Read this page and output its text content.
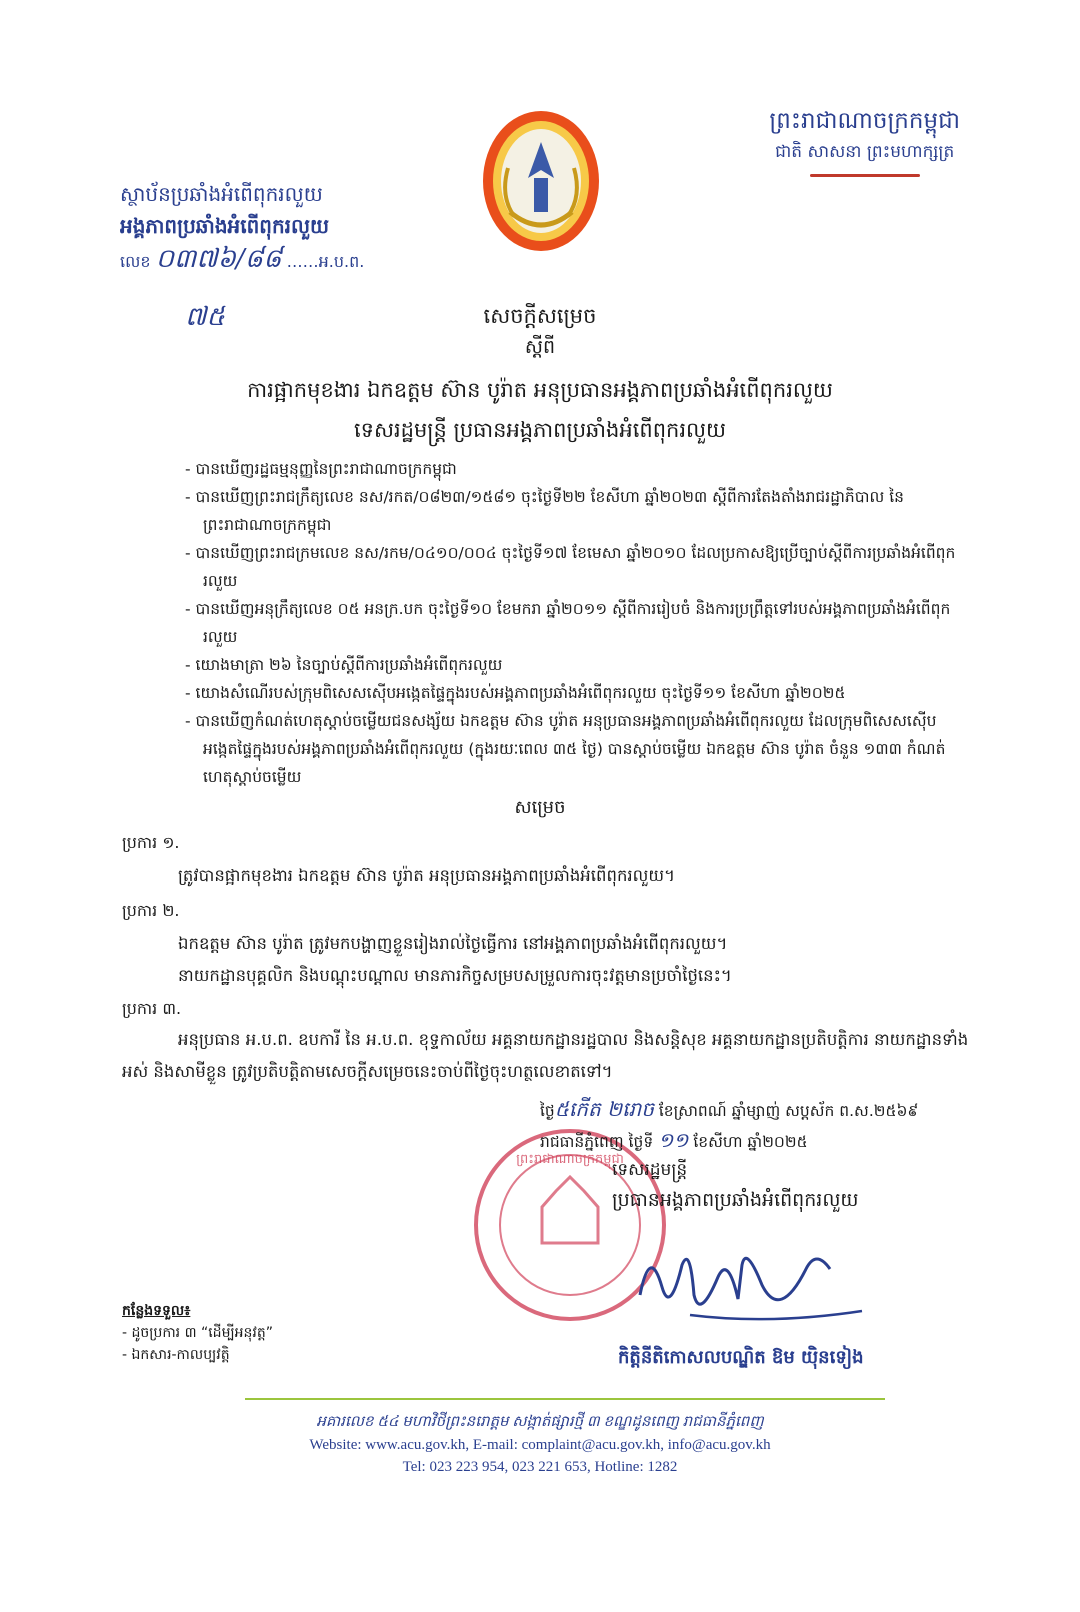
ព្រះរាជាណាចក្រកម្ពុជា
ជាតិ សាសនា ព្រះមហាក្សត្រ
ស្ថាប័នប្រឆាំងអំពើពុករលួយ
អង្គភាពប្រឆាំងអំពើពុករលួយ
លេខ ០៣៧៦/៨៨ ……អ.ប.ព.
៧៥	សេចក្តីសម្រេច
ស្តីពី
ការផ្អាកមុខងារ ឯកឧត្តម ស៊ាន បូរ៉ាត អនុប្រធានអង្គភាពប្រឆាំងអំពើពុករលួយ
ទេសរដ្ឋមន្ត្រី ប្រធានអង្គភាពប្រឆាំងអំពើពុករលួយ
- បានឃើញរដ្ឋធម្មនុញ្ញនៃព្រះរាជាណាចក្រកម្ពុជា
- បានឃើញព្រះរាជក្រឹត្យលេខ នស/រកត/០៨២៣/១៥៨១ ចុះថ្ងៃទី២២ ខែសីហា ឆ្នាំ២០២៣ ស្តីពីការតែងតាំងរាជរដ្ឋាភិបាល នៃព្រះរាជាណាចក្រកម្ពុជា
- បានឃើញព្រះរាជក្រមលេខ នស/រកម/០៤១០/០០៤ ចុះថ្ងៃទី១៧ ខែមេសា ឆ្នាំ២០១០ ដែលប្រកាសឱ្យប្រើច្បាប់ស្តីពីការប្រឆាំងអំពើពុករលួយ
- បានឃើញអនុក្រឹត្យលេខ ០៥ អនក្រ.បក ចុះថ្ងៃទី១០ ខែមករា ឆ្នាំ២០១១ ស្តីពីការរៀបចំ និងការប្រព្រឹត្តទៅរបស់អង្គភាពប្រឆាំងអំពើពុករលួយ
- យោងមាត្រា ២៦ នៃច្បាប់ស្តីពីការប្រឆាំងអំពើពុករលួយ
- យោងសំណើរបស់ក្រុមពិសេសស៊ើបអង្កេតផ្ទៃក្នុងរបស់អង្គភាពប្រឆាំងអំពើពុករលួយ ចុះថ្ងៃទី១១ ខែសីហា ឆ្នាំ២០២៥
- បានឃើញកំណត់ហេតុស្តាប់ចម្លើយជនសង្ស័យ ឯកឧត្តម ស៊ាន បូរ៉ាត អនុប្រធានអង្គភាពប្រឆាំងអំពើពុករលួយ ដែលក្រុមពិសេសស៊ើបអង្កេតផ្ទៃក្នុងរបស់អង្គភាពប្រឆាំងអំពើពុករលួយ (ក្នុងរយៈពេល ៣៥ ថ្ងៃ) បានស្តាប់ចម្លើយ ឯកឧត្តម ស៊ាន បូរ៉ាត ចំនួន ១៣៣ កំណត់ហេតុស្តាប់ចម្លើយ
សម្រេច
ប្រការ ១.
ត្រូវបានផ្អាកមុខងារ ឯកឧត្តម ស៊ាន បូរ៉ាត អនុប្រធានអង្គភាពប្រឆាំងអំពើពុករលួយ។
ប្រការ ២.
ឯកឧត្តម ស៊ាន បូរ៉ាត ត្រូវមកបង្ហាញខ្លួនរៀងរាល់ថ្ងៃធ្វើការ នៅអង្គភាពប្រឆាំងអំពើពុករលួយ។
នាយកដ្ឋានបុគ្គលិក និងបណ្តុះបណ្តាល មានភារកិច្ចសម្របសម្រួលការចុះវត្តមានប្រចាំថ្ងៃនេះ។
ប្រការ ៣.
អនុប្រធាន អ.ប.ព. ឧបការី នៃ អ.ប.ព. ខុទ្ទកាល័យ អគ្គនាយកដ្ឋានរដ្ឋបាល និងសន្តិសុខ អគ្គនាយកដ្ឋានប្រតិបត្តិការ នាយកដ្ឋានទាំងអស់ និងសាមីខ្លួន ត្រូវប្រតិបត្តិតាមសេចក្តីសម្រេចនេះចាប់ពីថ្ងៃចុះហត្ថលេខាតទៅ។
ព្រះរាជាណាចក្រកម្ពុជា
ថ្ងៃ៥កើត ២រោច ខែស្រាពណ៍ ឆ្នាំម្សាញ់ សប្តស័ក ព.ស.២៥៦៩
រាជធានីភ្នំពេញ ថ្ងៃទី ១១ ខែសីហា ឆ្នាំ២០២៥
ទេសរដ្ឋមន្ត្រី
ប្រធានអង្គភាពប្រឆាំងអំពើពុករលួយ
កិត្តិនីតិកោសលបណ្ឌិត ឱម យ៉ិនទៀង
កន្លែងទទួល៖
- ដូចប្រការ ៣ “ដើម្បីអនុវត្ត”
- ឯកសារ-កាលប្បវត្តិ
អគារលេខ ៥៤ មហាវិថីព្រះនរោត្តម សង្កាត់ផ្សារថ្មី ៣ ខណ្ឌដូនពេញ រាជធានីភ្នំពេញ
Website: www.acu.gov.kh, E-mail: complaint@acu.gov.kh, info@acu.gov.kh
Tel: 023 223 954, 023 221 653, Hotline: 1282
